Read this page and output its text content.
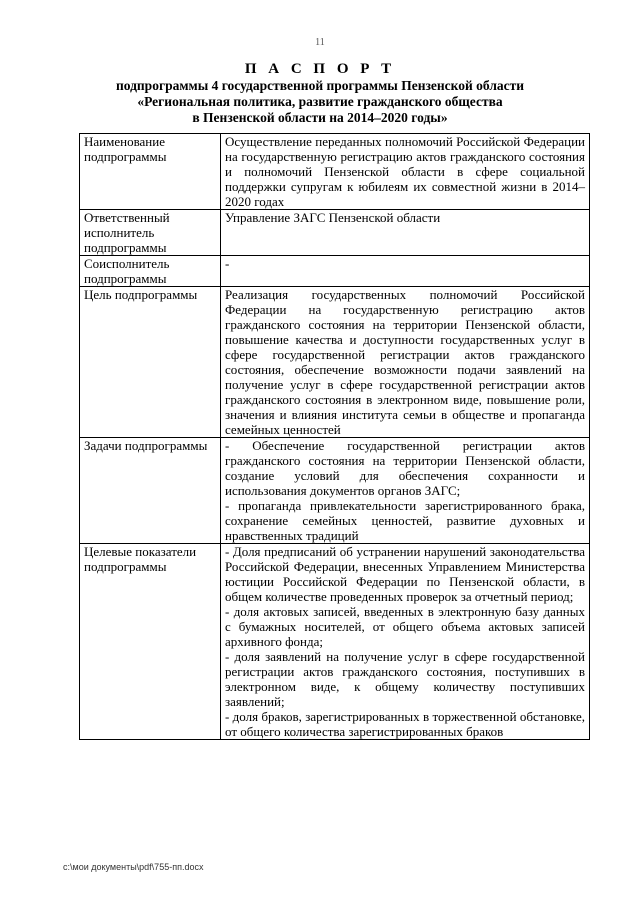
11
П А С П О Р Т
подпрограммы 4 государственной программы Пензенской области
«Региональная политика, развитие гражданского общества
в Пензенской области на 2014–2020 годы»
Наименование подпрограммы	Осуществление переданных полномочий Российской Федерации на государственную регистрацию актов гражданского состояния и полномочий Пензенской области в сфере социальной поддержки супругам к юбилеям их совместной жизни в 2014–2020 годах

Ответственный исполнитель подпрограммы	Управление ЗАГС Пензенской области

Соисполнитель подпрограммы	-

Цель подпрограммы	Реализация государственных полномочий Российской Федерации на государственную регистрацию актов гражданского состояния на территории Пензенской области, повышение качества и доступности государственных услуг в сфере государственной регистрации актов гражданского состояния, обеспечение возможности подачи заявлений на получение услуг в сфере государственной регистрации актов гражданского состояния в электронном виде, повышение роли, значения и влияния института семьи в обществе и пропаганда семейных ценностей

Задачи подпрограммы	- Обеспечение государственной регистрации актов гражданского состояния на территории Пензенской области, создание условий для обеспечения сохранности и использования документов органов ЗАГС;
- пропаганда привлекательности зарегистрированного брака, сохранение семейных ценностей, развитие духовных и нравственных традиций

Целевые показатели подпрограммы	- Доля предписаний об устранении нарушений законодательства Российской Федерации, внесенных Управлением Министерства юстиции Российской Федерации по Пензенской области, в общем количестве проведенных проверок за отчетный период;
- доля актовых записей, введенных в электронную базу данных с бумажных носителей, от общего объема актовых записей архивного фонда;
- доля заявлений на получение услуг в сфере государственной регистрации актов гражданского состояния, поступивших в электронном виде, к общему количеству поступивших заявлений;
- доля браков, зарегистрированных в торжественной обстановке, от общего количества зарегистрированных браков
c:\мои документы\pdf\755-пп.docx
